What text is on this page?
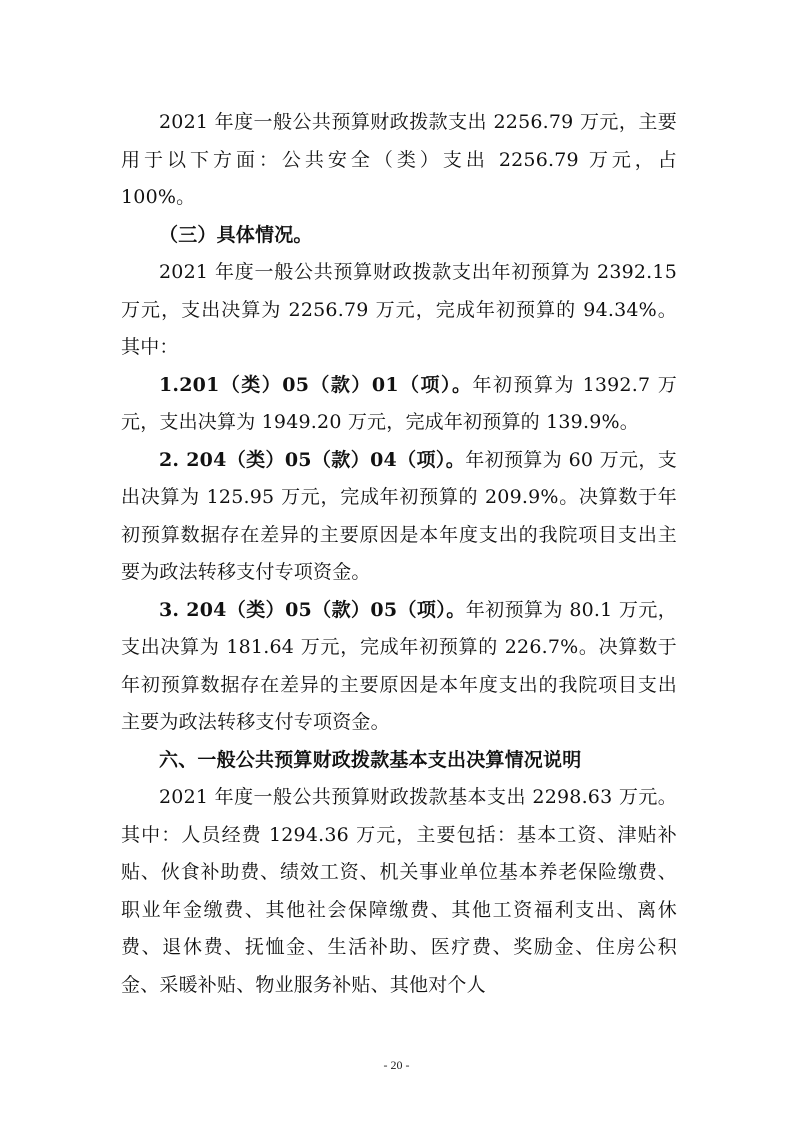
2021 年度一般公共预算财政拨款支出 2256.79 万元，主要用于以下方面：公共安全（类）支出 2256.79 万元，占 100%。

（三）具体情况。

2021 年度一般公共预算财政拨款支出年初预算为 2392.15 万元，支出决算为 2256.79 万元，完成年初预算的 94.34%。其中：

1.201（类）05（款）01（项）。年初预算为 1392.7 万元，支出决算为 1949.20 万元，完成年初预算的 139.9%。

2. 204（类）05（款）04（项）。年初预算为 60 万元，支出决算为 125.95 万元，完成年初预算的 209.9%。决算数于年初预算数据存在差异的主要原因是本年度支出的我院项目支出主要为政法转移支付专项资金。

3. 204（类）05（款）05（项）。年初预算为 80.1 万元，支出决算为 181.64 万元，完成年初预算的 226.7%。决算数于年初预算数据存在差异的主要原因是本年度支出的我院项目支出主要为政法转移支付专项资金。

六、一般公共预算财政拨款基本支出决算情况说明

2021 年度一般公共预算财政拨款基本支出 2298.63 万元。其中：人员经费 1294.36 万元，主要包括：基本工资、津贴补贴、伙食补助费、绩效工资、机关事业单位基本养老保险缴费、职业年金缴费、其他社会保障缴费、其他工资福利支出、离休费、退休费、抚恤金、生活补助、医疗费、奖励金、住房公积金、采暖补贴、物业服务补贴、其他对个人

- 20 -
